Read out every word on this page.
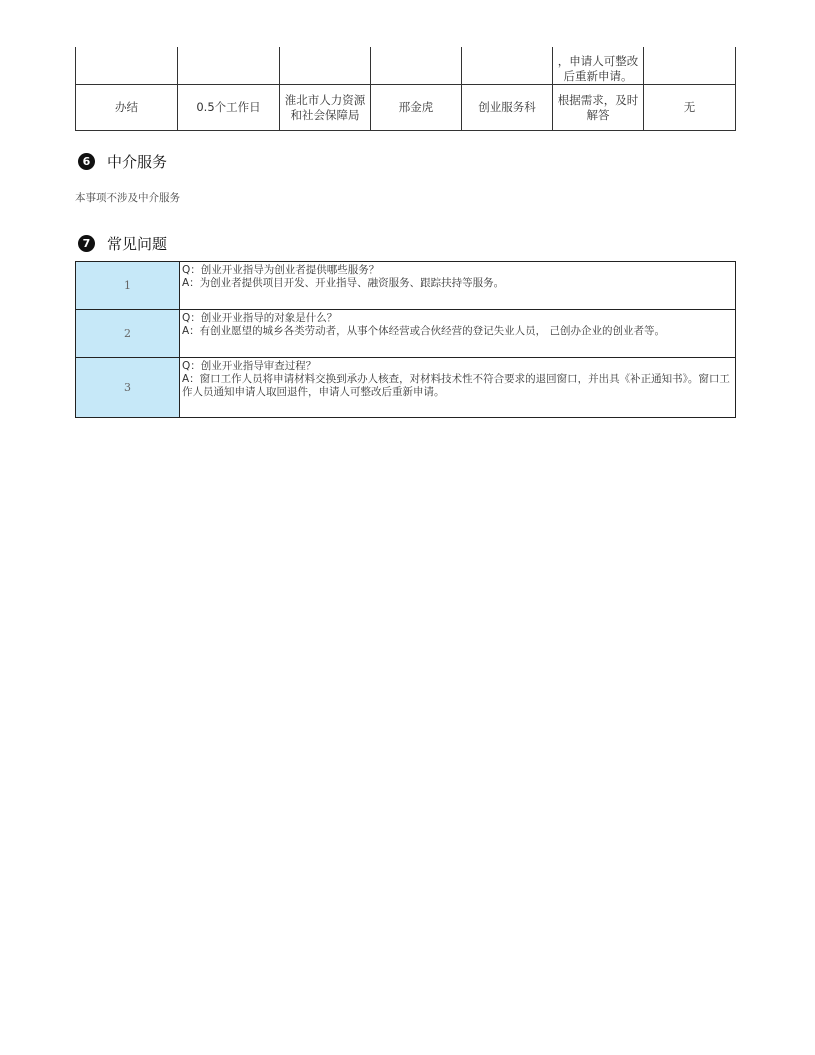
					，申请人可整改后重新申请。	
办结	0.5个工作日	淮北市人力资源和社会保障局	邢金虎	创业服务科	根据需求，及时解答	无
6	中介服务
本事项不涉及中介服务
7	常见问题
1	Q：创业开业指导为创业者提供哪些服务？
A：为创业者提供项目开发、开业指导、融资服务、跟踪扶持等服务。

2	Q：创业开业指导的对象是什么？
A：有创业愿望的城乡各类劳动者，从事个体经营或合伙经营的登记失业人员， 己创办企业的创业者等。

3	Q：创业开业指导审查过程？
A：窗口工作人员将申请材料交换到承办人核查，对材料技术性不符合要求的退回窗口，并出具《补正通知书》。窗口工作人员通知申请人取回退件，申请人可整改后重新申请。
